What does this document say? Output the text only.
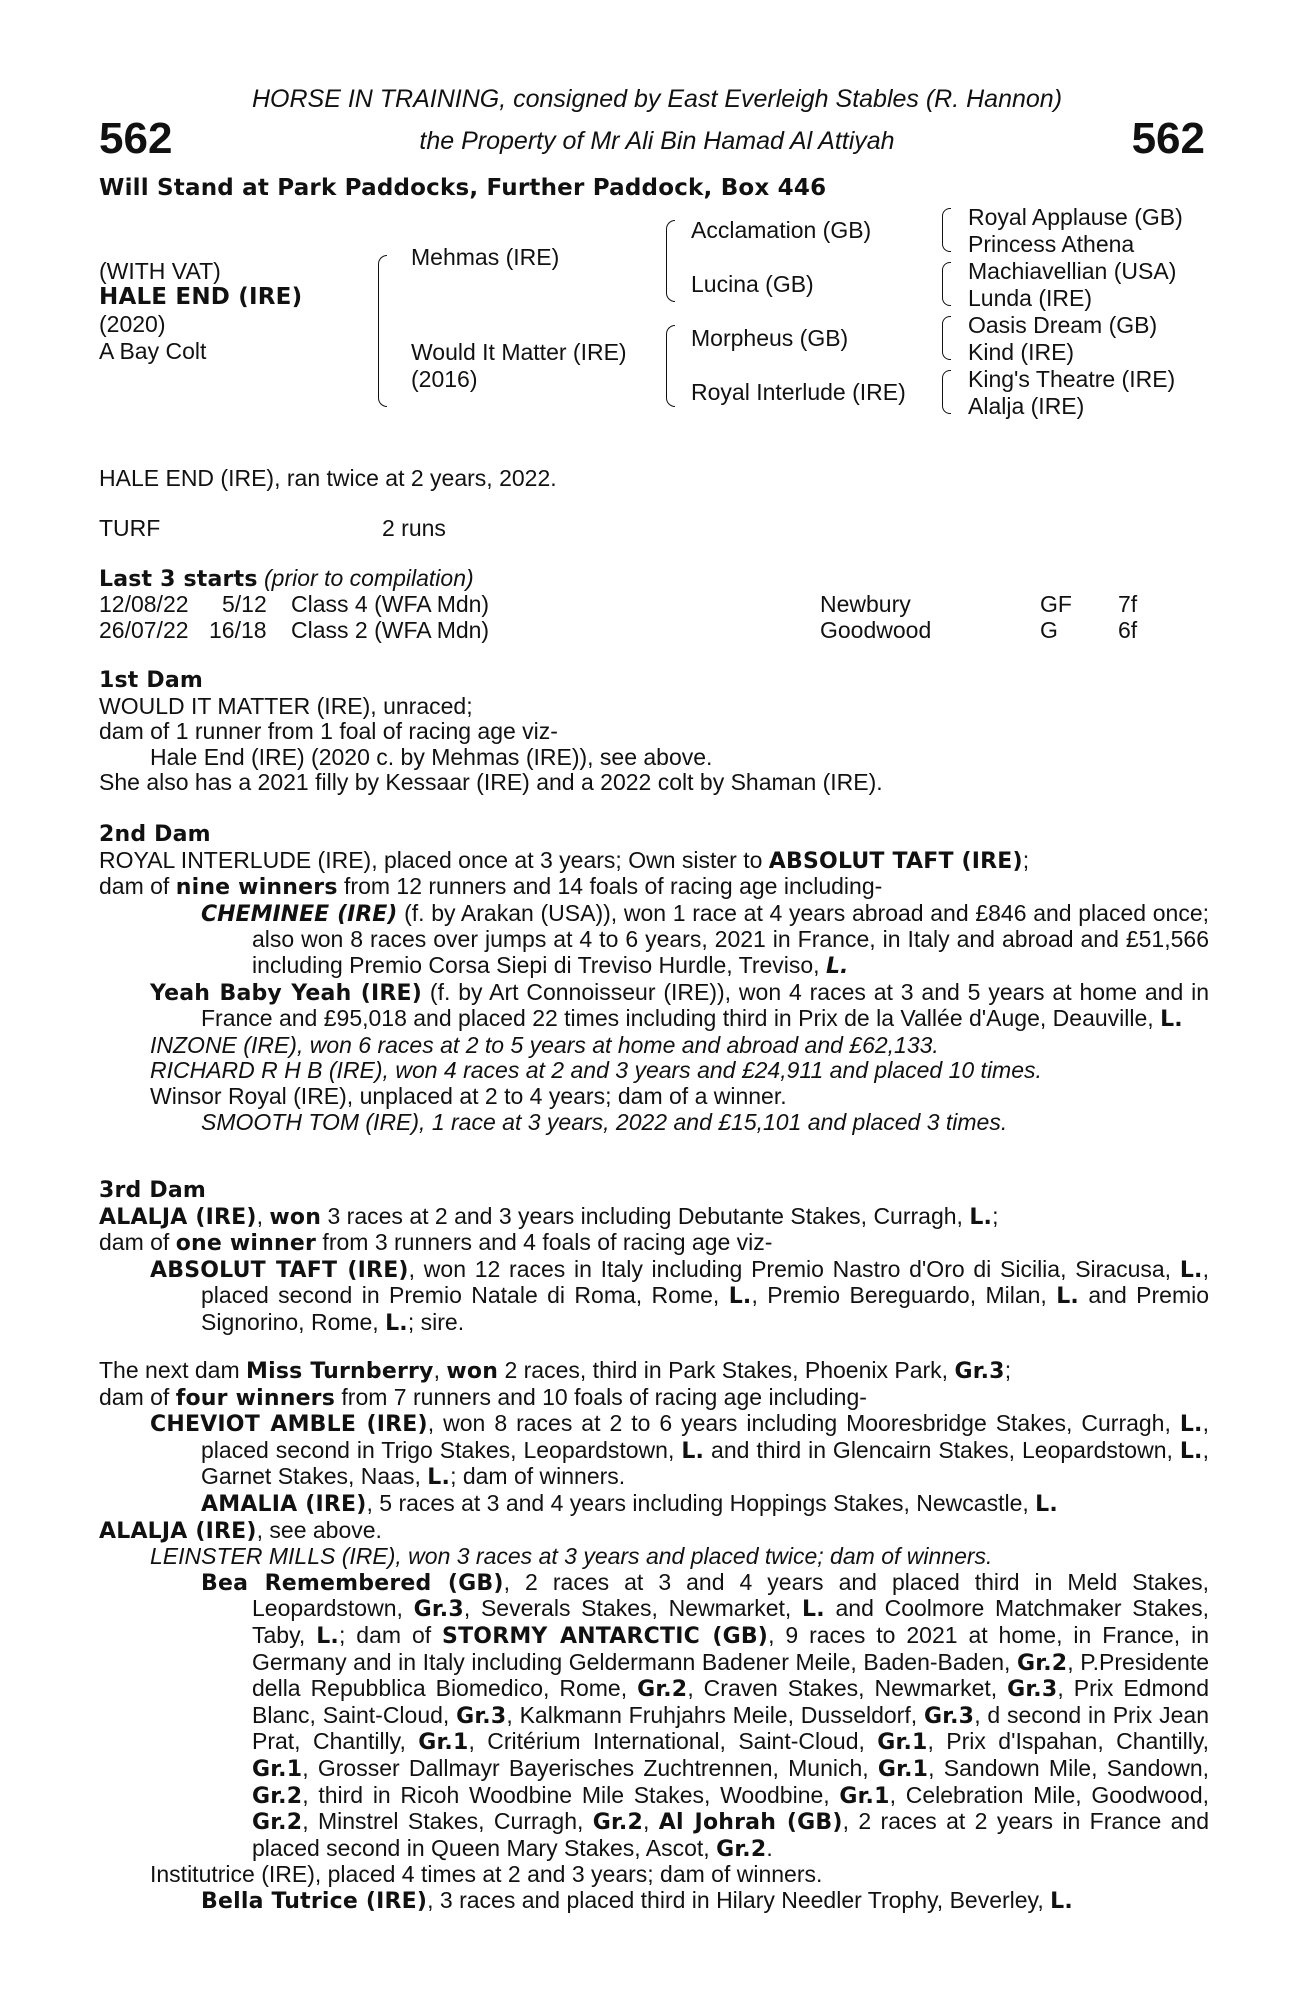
HORSE IN TRAINING, consigned by East Everleigh Stables (R. Hannon)
the Property of Mr Ali Bin Hamad Al Attiyah
562	562
Will Stand at Park Paddocks, Further Paddock, Box 446
(WITH VAT)
HALE END (IRE)
(2020)
A Bay Colt
Mehmas (IRE)
Would It Matter (IRE)
(2016)
Acclamation (GB)
Lucina (GB)
Morpheus (GB)
Royal Interlude (IRE)
Royal Applause (GB)
Princess Athena
Machiavellian (USA)
Lunda (IRE)
Oasis Dream (GB)
Kind (IRE)
King's Theatre (IRE)
Alalja (IRE)
HALE END (IRE), ran twice at 2 years, 2022.
TURF	2 runs
Last 3 starts (prior to compilation)
12/08/22 5/12 Class 4 (WFA Mdn)	Newbury	GF 7f
26/07/22 16/18 Class 2 (WFA Mdn)	Goodwood	G	6f

1st Dam

WOULD IT MATTER (IRE), unraced;

dam of 1 runner from 1 foal of racing age viz-

Hale End (IRE) (2020 c. by Mehmas (IRE)), see above.

She also has a 2021 filly by Kessaar (IRE) and a 2022 colt by Shaman (IRE).

2nd Dam

ROYAL INTERLUDE (IRE), placed once at 3 years; Own sister to ABSOLUT TAFT (IRE);

dam of nine winners from 12 runners and 14 foals of racing age including-

CHEMINEE (IRE) (f. by Arakan (USA)), won 1 race at 4 years abroad and £846 and placed once; also won 8 races over jumps at 4 to 6 years, 2021 in France, in Italy and abroad and £51,566 including Premio Corsa Siepi di Treviso Hurdle, Treviso, L.

Yeah Baby Yeah (IRE) (f. by Art Connoisseur (IRE)), won 4 races at 3 and 5 years at home and in France and £95,018 and placed 22 times including third in Prix de la Vallée d'Auge, Deauville, L.

INZONE (IRE), won 6 races at 2 to 5 years at home and abroad and £62,133.

RICHARD R H B (IRE), won 4 races at 2 and 3 years and £24,911 and placed 10 times.

Winsor Royal (IRE), unplaced at 2 to 4 years; dam of a winner.

SMOOTH TOM (IRE), 1 race at 3 years, 2022 and £15,101 and placed 3 times.

3rd Dam

ALALJA (IRE), won 3 races at 2 and 3 years including Debutante Stakes, Curragh, L.;

dam of one winner from 3 runners and 4 foals of racing age viz-

ABSOLUT TAFT (IRE), won 12 races in Italy including Premio Nastro d'Oro di Sicilia, Siracusa, L., placed second in Premio Natale di Roma, Rome, L., Premio Bereguardo, Milan, L. and Premio Signorino, Rome, L.; sire.

The next dam Miss Turnberry, won 2 races, third in Park Stakes, Phoenix Park, Gr.3;

dam of four winners from 7 runners and 10 foals of racing age including-

CHEVIOT AMBLE (IRE), won 8 races at 2 to 6 years including Mooresbridge Stakes, Curragh, L., placed second in Trigo Stakes, Leopardstown, L. and third in Glencairn Stakes, Leopardstown, L., Garnet Stakes, Naas, L.; dam of winners.

AMALIA (IRE), 5 races at 3 and 4 years including Hoppings Stakes, Newcastle, L.

ALALJA (IRE), see above.

LEINSTER MILLS (IRE), won 3 races at 3 years and placed twice; dam of winners.

Bea Remembered (GB), 2 races at 3 and 4 years and placed third in Meld Stakes, Leopardstown, Gr.3, Severals Stakes, Newmarket, L. and Coolmore Matchmaker Stakes, Taby, L.; dam of STORMY ANTARCTIC (GB), 9 races to 2021 at home, in France, in Germany and in Italy including Geldermann Badener Meile, Baden-Baden, Gr.2, P.Presidente della Repubblica Biomedico, Rome, Gr.2, Craven Stakes, Newmarket, Gr.3, Prix Edmond Blanc, Saint-Cloud, Gr.3, Kalkmann Fruhjahrs Meile, Dusseldorf, Gr.3, d second in Prix Jean Prat, Chantilly, Gr.1, Critérium International, Saint-Cloud, Gr.1, Prix d'Ispahan, Chantilly, Gr.1, Grosser Dallmayr Bayerisches Zuchtrennen, Munich, Gr.1, Sandown Mile, Sandown, Gr.2, third in Ricoh Woodbine Mile Stakes, Woodbine, Gr.1, Celebration Mile, Goodwood, Gr.2, Minstrel Stakes, Curragh, Gr.2, Al Johrah (GB), 2 races at 2 years in France and placed second in Queen Mary Stakes, Ascot, Gr.2.

Institutrice (IRE), placed 4 times at 2 and 3 years; dam of winners.

Bella Tutrice (IRE), 3 races and placed third in Hilary Needler Trophy, Beverley, L.
